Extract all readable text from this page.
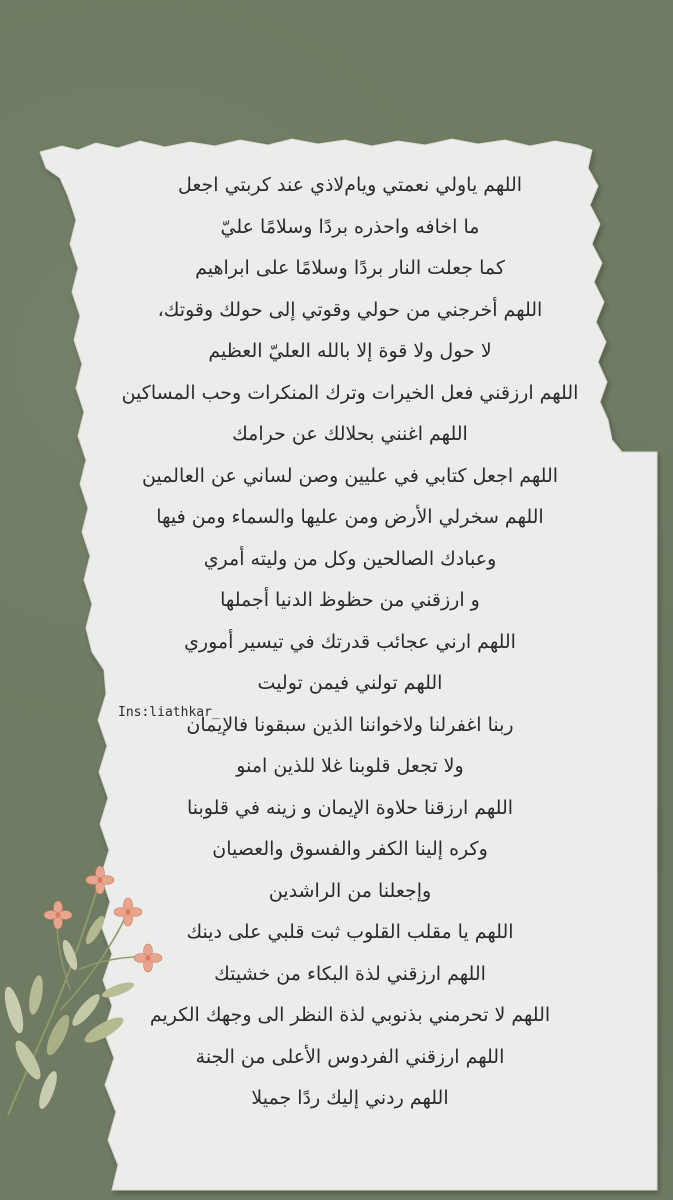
اللهم ياولي نعمتي ويامﻻذي عند كربتي اجعل
ما اخافه واحذره بردًا وسلامًا عليّ
كما جعلت النار بردًا وسلامًا على ابراهيم
اللهم أخرجني من حولي وقوتي إلى حولك وقوتك،
لا حول ولا قوة إلا بالله العليّ العظيم
اللهم ارزقني فعل الخيرات وترك المنكرات وحب المساكين
اللهم اغنني بحلالك عن حرامك
اللهم اجعل كتابي في عليين وصن لساني عن العالمين
اللهم سخرلي الأرض ومن عليها والسماء ومن فيها
وعبادك الصالحين وكل من وليته أمري
و ارزقني من حظوظ الدنيا أجملها
اللهم ارني عجائب قدرتك في تيسير أموري
اللهم تولني فيمن توليت
ربنا اغفرلنا ولاخواننا الذين سبقونا فالإيمان
ولا تجعل قلوبنا غلا للذين امنو
اللهم ارزقنا حلاوة الإيمان و زينه في قلوبنا
وكره إلينا الكفر والفسوق والعصيان
وإجعلنا من الراشدين
اللهم يا مقلب القلوب ثبت قلبي على دينك
اللهم ارزقني لذة البكاء من خشيتك
اللهم لا تحرمني بذنوبي لذة النظر الى وجهك الكريم
اللهم ارزقني الفردوس الأعلى من الجنة
اللهم ردني إليك ردًا جميلا
Ins:liathkar_
